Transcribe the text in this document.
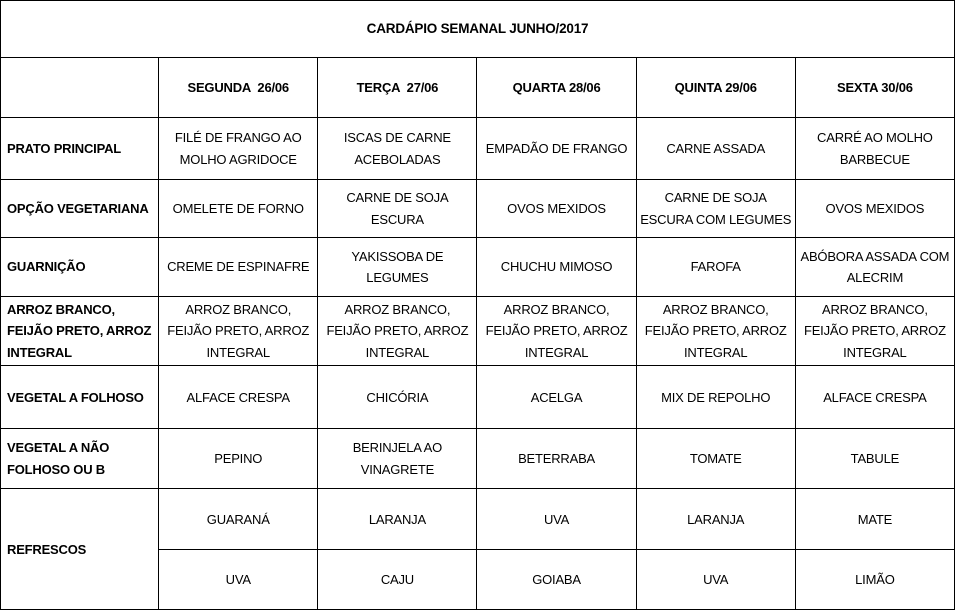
CARDÁPIO SEMANAL JUNHO/2017					
	SEGUNDA  26/06	TERÇA  27/06	QUARTA 28/06	QUINTA 29/06	SEXTA 30/06
PRATO PRINCIPAL	FILÉ DE FRANGO AO MOLHO AGRIDOCE	ISCAS DE CARNE ACEBOLADAS	EMPADÃO DE FRANGO	CARNE ASSADA	CARRÉ AO MOLHO BARBECUE
OPÇÃO VEGETARIANA	OMELETE DE FORNO	CARNE DE SOJA ESCURA	OVOS MEXIDOS	CARNE DE SOJA ESCURA COM LEGUMES	OVOS MEXIDOS
GUARNIÇÃO	CREME DE ESPINAFRE	YAKISSOBA DE LEGUMES	CHUCHU MIMOSO	FAROFA	ABÓBORA ASSADA COM ALECRIM
ARROZ BRANCO, FEIJÃO PRETO, ARROZ INTEGRAL	ARROZ BRANCO, FEIJÃO PRETO, ARROZ INTEGRAL	ARROZ BRANCO, FEIJÃO PRETO, ARROZ INTEGRAL	ARROZ BRANCO, FEIJÃO PRETO, ARROZ INTEGRAL	ARROZ BRANCO, FEIJÃO PRETO, ARROZ INTEGRAL	ARROZ BRANCO, FEIJÃO PRETO, ARROZ INTEGRAL
VEGETAL A FOLHOSO	ALFACE CRESPA	CHICÓRIA	ACELGA	MIX DE REPOLHO	ALFACE CRESPA
VEGETAL A NÃO FOLHOSO OU B	PEPINO	BERINJELA AO VINAGRETE	BETERRABA	TOMATE	TABULE
REFRESCOS	GUARANÁ	LARANJA	UVA	LARANJA	MATE
	UVA	CAJU	GOIABA	UVA	LIMÃO
